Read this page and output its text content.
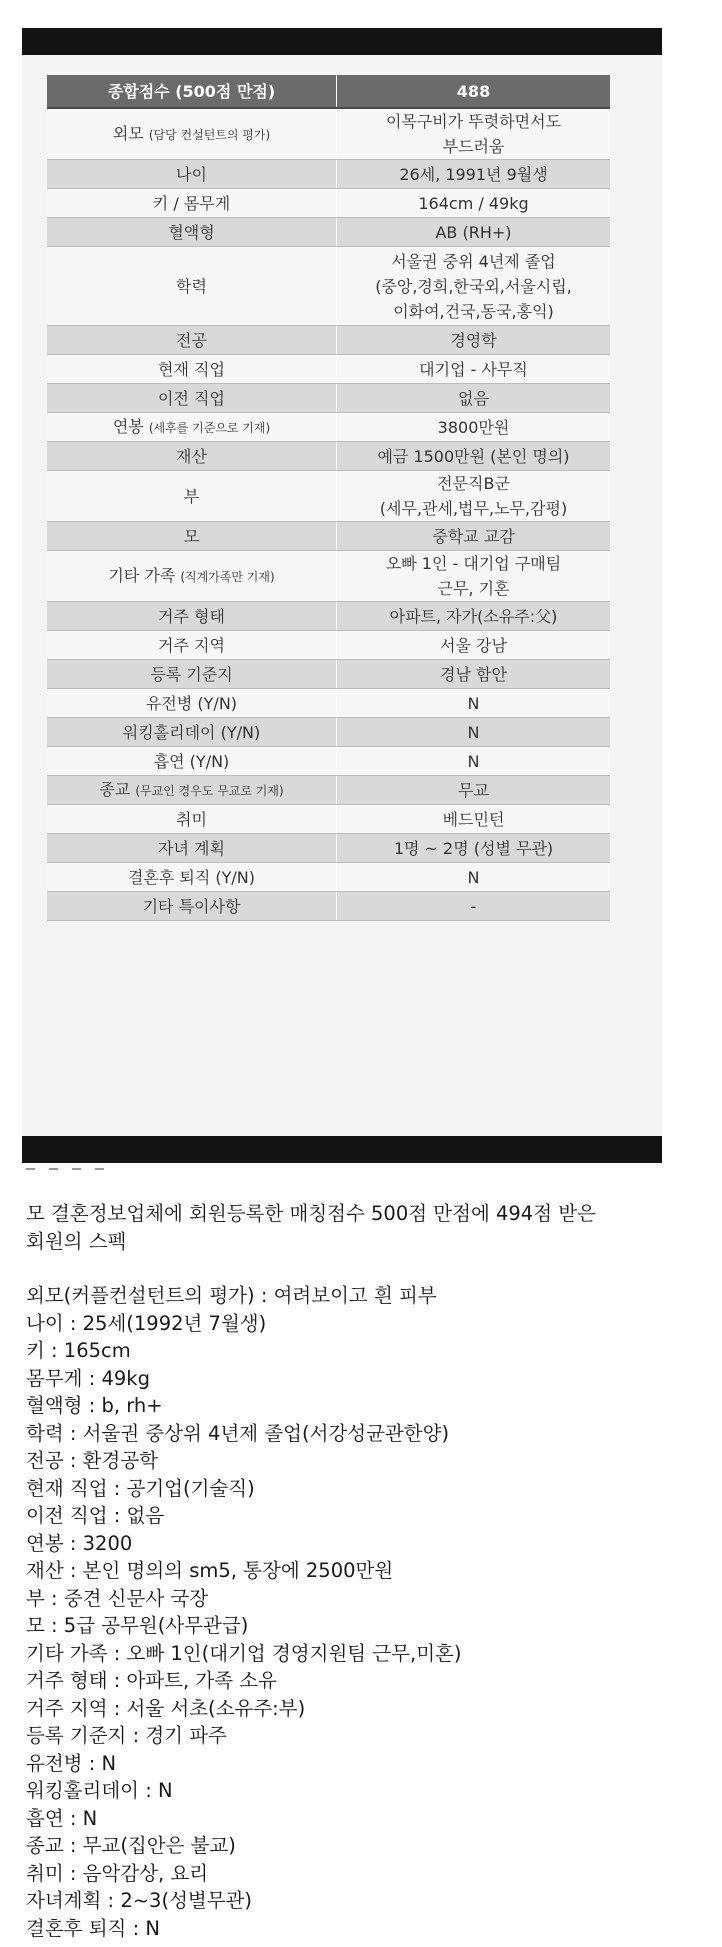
종합점수 (500점 만점)	488
외모 (담당 컨설턴트의 평가)	이목구비가 뚜렷하면서도
부드러움
나이	26세, 1991년 9월생
키 / 몸무게	164cm / 49kg
혈액형	AB (RH+)
학력	서울권 중위 4년제 졸업
(중앙,경희,한국외,서울시립,
이화여,건국,동국,홍익)
전공	경영학
현재 직업	대기업 - 사무직
이전 직업	없음
연봉 (세후를 기준으로 기재)	3800만원
재산	예금 1500만원 (본인 명의)
부	전문직B군
(세무,관세,법무,노무,감평)
모	중학교 교감
기타 가족 (직계가족만 기재)	오빠 1인 - 대기업 구매팀
근무, 기혼
거주 형태	아파트, 자가(소유주:父)
거주 지역	서울 강남
등록 기준지	경남 함안
유전병 (Y/N)	N
워킹홀리데이 (Y/N)	N
흡연 (Y/N)	N
종교 (무교인 경우도 무교로 기재)	무교
취미	베드민턴
자녀 계획	1명 ~ 2명 (성별 무관)
결혼후 퇴직 (Y/N)	N
기타 특이사항	-
모 결혼정보업체에 회원등록한 매칭점수 500점 만점에 494점 받은
회원의 스펙
외모(커플컨설턴트의 평가) : 여려보이고 흰 피부
나이 : 25세(1992년 7월생)
키 : 165cm
몸무게 : 49kg
혈액형 : b, rh+
학력 : 서울권 중상위 4년제 졸업(서강성균관한양)
전공 : 환경공학
현재 직업 : 공기업(기술직)
이전 직업 : 없음
연봉 : 3200
재산 : 본인 명의의 sm5, 통장에 2500만원
부 : 중견 신문사 국장
모 : 5급 공무원(사무관급)
기타 가족 : 오빠 1인(대기업 경영지원팀 근무,미혼)
거주 형태 : 아파트, 가족 소유
거주 지역 : 서울 서초(소유주:부)
등록 기준지 : 경기 파주
유전병 : N
워킹홀리데이 : N
흡연 : N
종교 : 무교(집안은 불교)
취미 : 음악감상, 요리
자녀계획 : 2~3(성별무관)
결혼후 퇴직 : N
